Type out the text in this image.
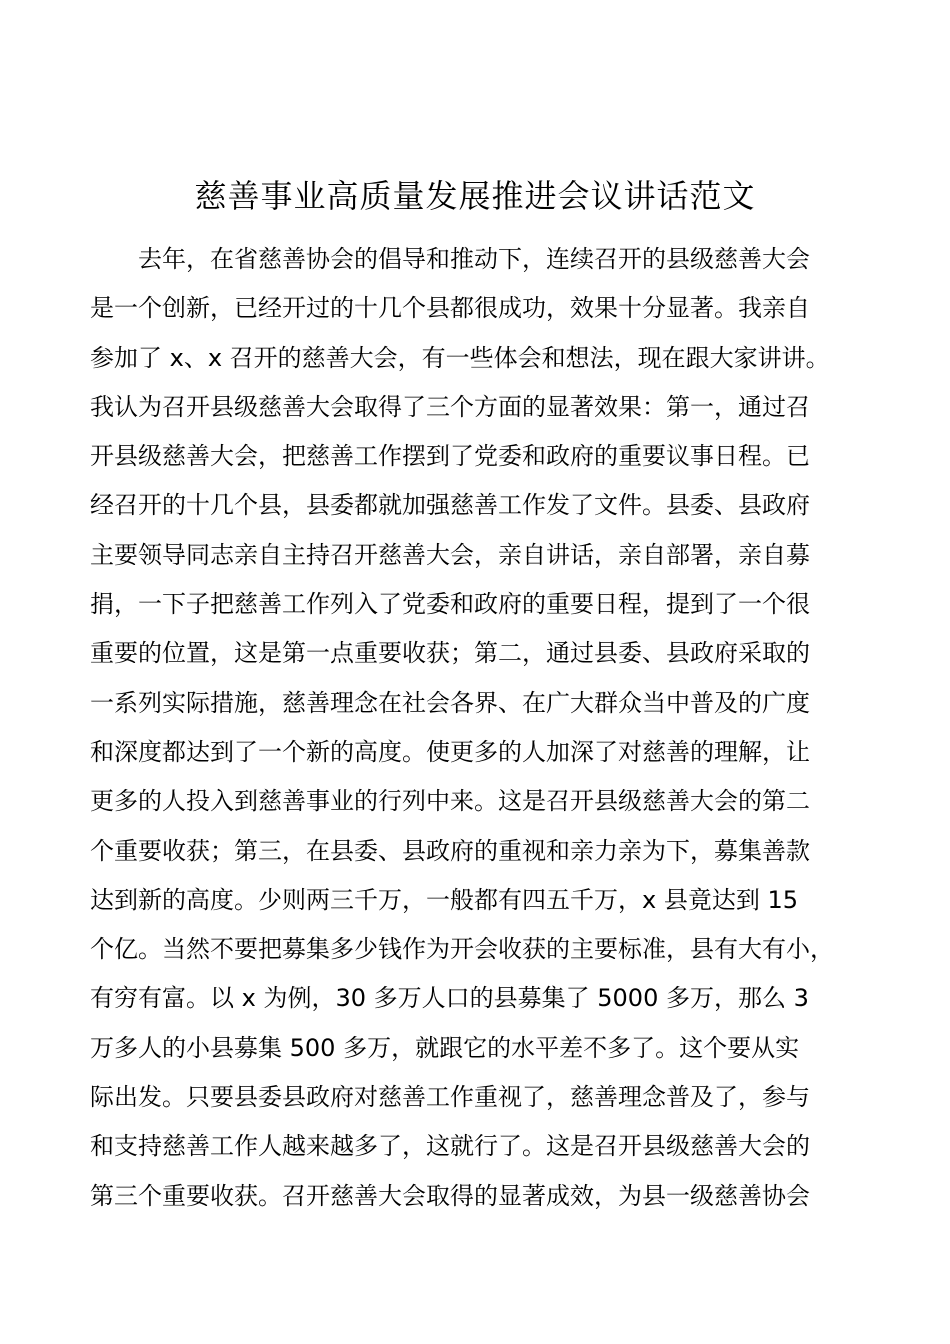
慈善事业高质量发展推进会议讲话范文
　　去年，在省慈善协会的倡导和推动下，连续召开的县级慈善大会
是一个创新，已经开过的十几个县都很成功，效果十分显著。我亲自
参加了 x、x 召开的慈善大会，有一些体会和想法，现在跟大家讲讲。
我认为召开县级慈善大会取得了三个方面的显著效果：第一，通过召
开县级慈善大会，把慈善工作摆到了党委和政府的重要议事日程。已
经召开的十几个县，县委都就加强慈善工作发了文件。县委、县政府
主要领导同志亲自主持召开慈善大会，亲自讲话，亲自部署，亲自募
捐，一下子把慈善工作列入了党委和政府的重要日程，提到了一个很
重要的位置，这是第一点重要收获；第二，通过县委、县政府采取的
一系列实际措施，慈善理念在社会各界、在广大群众当中普及的广度
和深度都达到了一个新的高度。使更多的人加深了对慈善的理解，让
更多的人投入到慈善事业的行列中来。这是召开县级慈善大会的第二
个重要收获；第三，在县委、县政府的重视和亲力亲为下，募集善款
达到新的高度。少则两三千万，一般都有四五千万，x 县竟达到 15
个亿。当然不要把募集多少钱作为开会收获的主要标准，县有大有小，
有穷有富。以 x 为例，30 多万人口的县募集了 5000 多万，那么 3
万多人的小县募集 500 多万，就跟它的水平差不多了。这个要从实
际出发。只要县委县政府对慈善工作重视了，慈善理念普及了，参与
和支持慈善工作人越来越多了，这就行了。这是召开县级慈善大会的
第三个重要收获。召开慈善大会取得的显著成效，为县一级慈善协会
